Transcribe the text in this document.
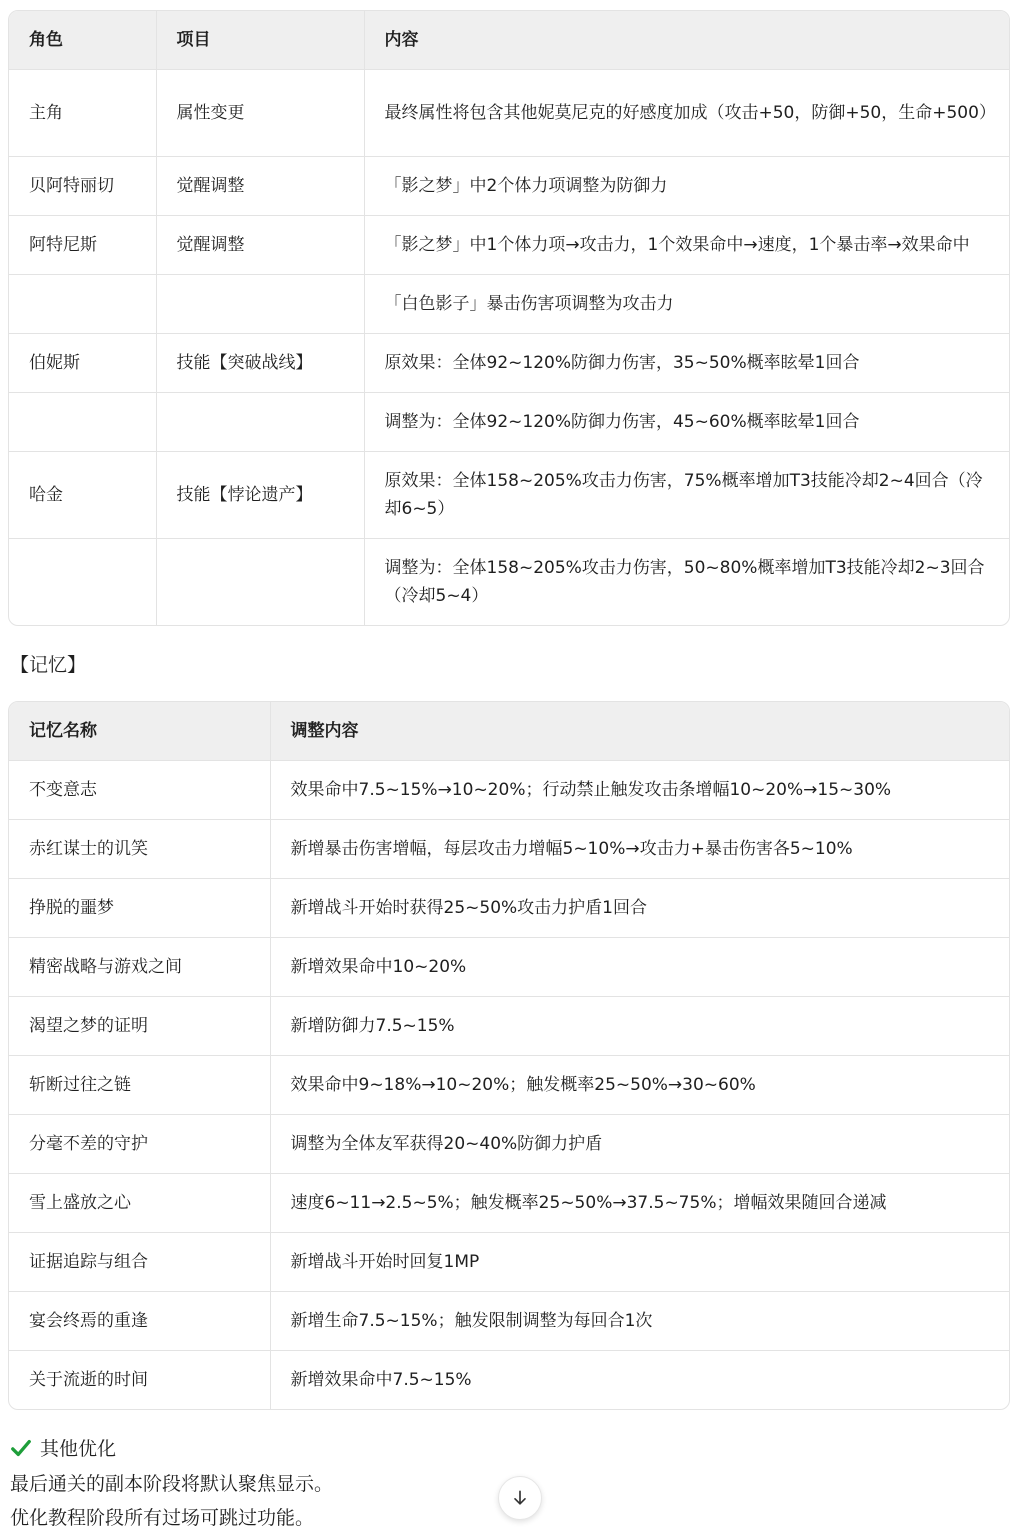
角色	项目	内容
主角	属性变更	最终属性将包含其他妮莫尼克的好感度加成（攻击+50，防御+50，生命+500）
贝阿特丽切	觉醒调整	「影之梦」中2个体力项调整为防御力
阿特尼斯	觉醒调整	「影之梦」中1个体力项→攻击力，1个效果命中→速度，1个暴击率→效果命中
		「白色影子」暴击伤害项调整为攻击力
伯妮斯	技能【突破战线】	原效果：全体92~120%防御力伤害，35~50%概率眩晕1回合
		调整为：全体92~120%防御力伤害，45~60%概率眩晕1回合
哈金	技能【悖论遗产】	原效果：全体158~205%攻击力伤害，75%概率增加T3技能冷却2~4回合（冷却6~5）
		调整为：全体158~205%攻击力伤害，50~80%概率增加T3技能冷却2~3回合（冷却5~4）
【记忆】
记忆名称	调整内容
不变意志	效果命中7.5~15%→10~20%；行动禁止触发攻击条增幅10~20%→15~30%
赤红谋士的讥笑	新增暴击伤害增幅，每层攻击力增幅5~10%→攻击力+暴击伤害各5~10%
挣脱的噩梦	新增战斗开始时获得25~50%攻击力护盾1回合
精密战略与游戏之间	新增效果命中10~20%
渴望之梦的证明	新增防御力7.5~15%
斩断过往之链	效果命中9~18%→10~20%；触发概率25~50%→30~60%
分毫不差的守护	调整为全体友军获得20~40%防御力护盾
雪上盛放之心	速度6~11→2.5~5%；触发概率25~50%→37.5~75%；增幅效果随回合递减
证据追踪与组合	新增战斗开始时回复1MP
宴会终焉的重逢	新增生命7.5~15%；触发限制调整为每回合1次
关于流逝的时间	新增效果命中7.5~15%
其他优化
最后通关的副本阶段将默认聚焦显示。
优化教程阶段所有过场可跳过功能。
